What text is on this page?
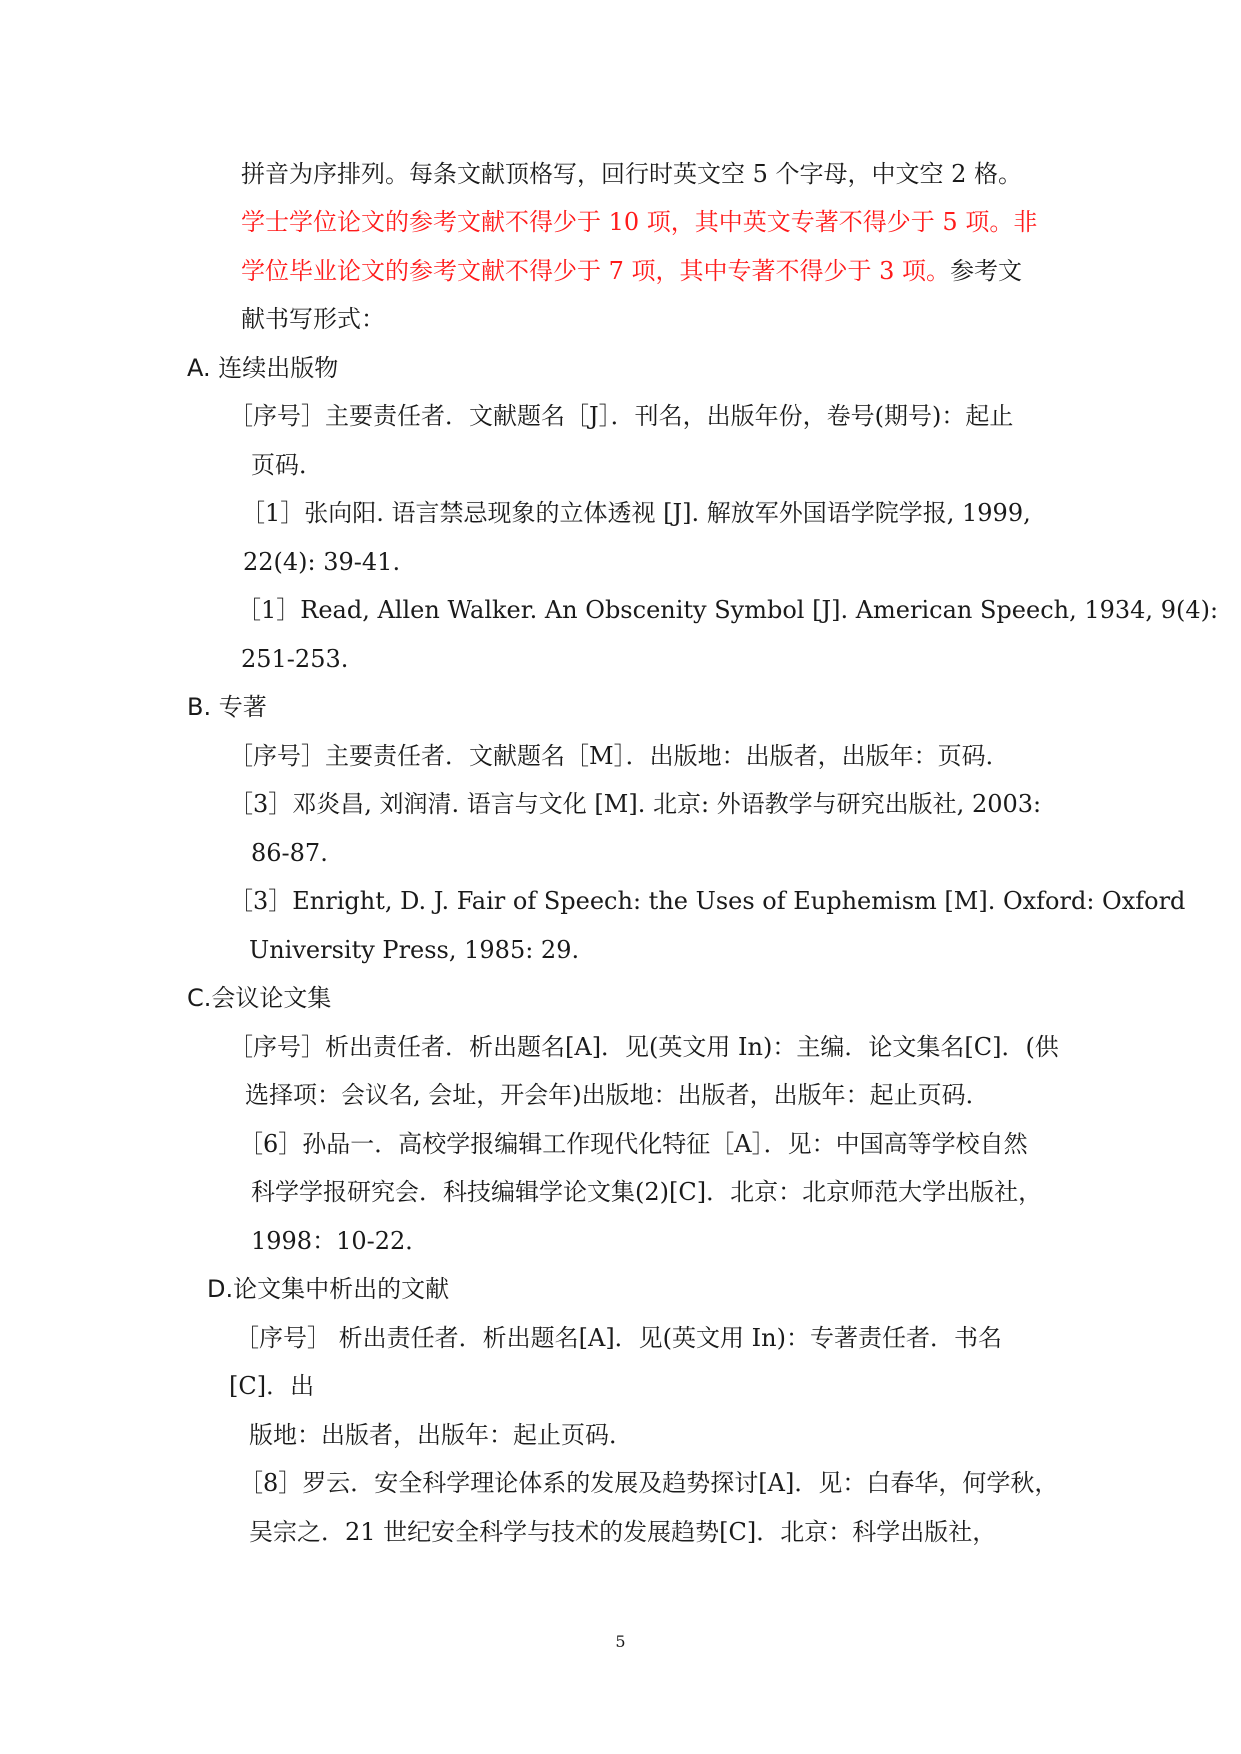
拼音为序排列。每条文献顶格写，回行时英文空 5 个字母，中文空 2 格。

学士学位论文的参考文献不得少于 10 项，其中英文专著不得少于 5 项。非

学位毕业论文的参考文献不得少于 7 项，其中专著不得少于 3 项。参考文

献书写形式：

A. 连续出版物

［序号］主要责任者．文献题名［J］．刊名，出版年份，卷号(期号)：起止

页码．

［1］张向阳. 语言禁忌现象的立体透视 [J]. 解放军外国语学院学报, 1999,

22(4): 39-41.

［1］Read, Allen Walker. An Obscenity Symbol [J]. American Speech, 1934, 9(4):

251-253.

B. 专著

［序号］主要责任者．文献题名［M］．出版地：出版者，出版年：页码．

［3］邓炎昌, 刘润清. 语言与文化 [M]. 北京: 外语教学与研究出版社, 2003:

86-87.

［3］Enright, D. J. Fair of Speech: the Uses of Euphemism [M]. Oxford: Oxford

University Press, 1985: 29.

C.会议论文集

［序号］析出责任者．析出题名[A]．见(英文用 In)：主编．论文集名[C]．(供

选择项：会议名, 会址，开会年)出版地：出版者，出版年：起止页码．

［6］孙品一．高校学报编辑工作现代化特征［A］．见：中国高等学校自然

科学学报研究会．科技编辑学论文集(2)[C]．北京：北京师范大学出版社，

1998：10-22．

D.论文集中析出的文献

［序号］ 析出责任者．析出题名[A]．见(英文用 In)：专著责任者．书名

[C]．出

版地：出版者，出版年：起止页码．

［8］罗云．安全科学理论体系的发展及趋势探讨[A]．见：白春华，何学秋，

吴宗之．21 世纪安全科学与技术的发展趋势[C]．北京：科学出版社，

5
